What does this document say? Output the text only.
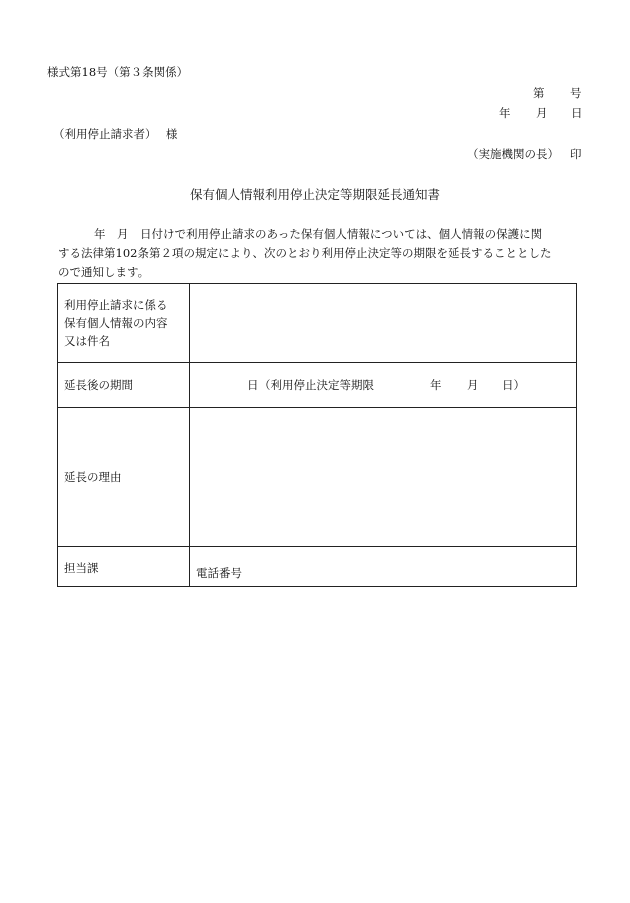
様式第18号（第３条関係）
第 号
年 月 日
（利用停止請求者）　 様
（実施機関の長） 印
保有個人情報利用停止決定等期限延長通知書
年　月　日付けで利用停止請求のあった保有個人情報については、個人情報の保護に関
する法律第102条第２項の規定により、次のとおり利用停止決定等の期限を延長することとした
ので通知します。
利用停止請求に係る
保有個人情報の内容
又は件名	

延長後の期間	日 （利用停止決定等期限 年 月 日）

延長の理由	

担当課	電話番号
